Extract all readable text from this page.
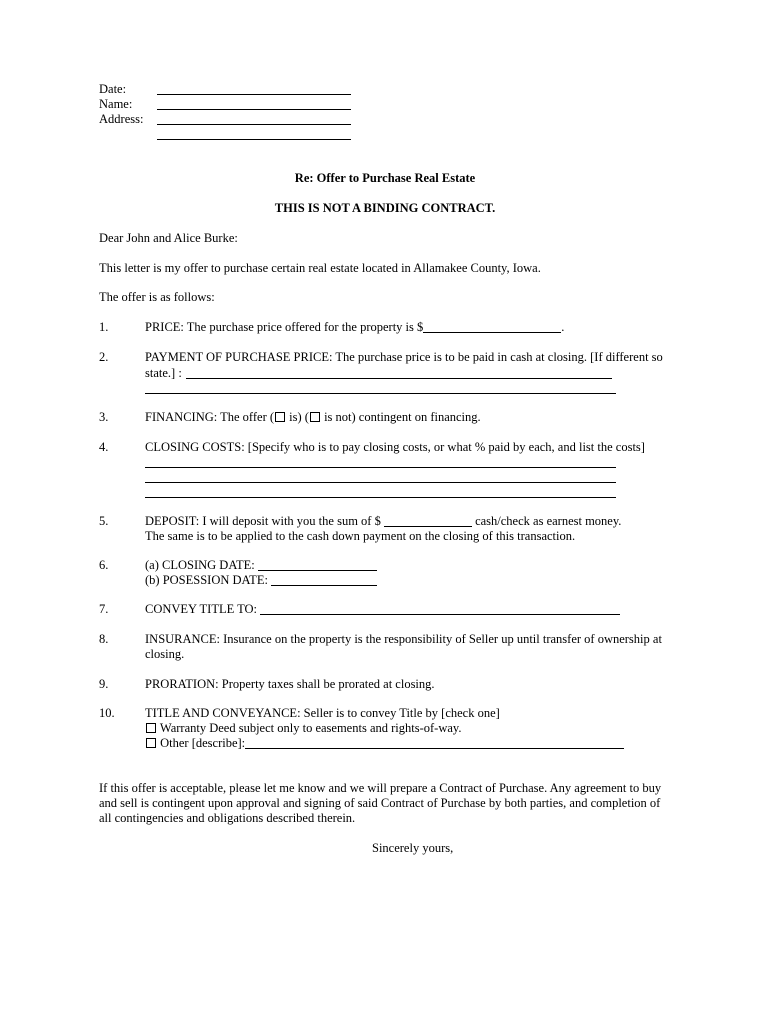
Date:
Name:
Address:
Re: Offer to Purchase Real Estate
THIS IS NOT A BINDING CONTRACT.
Dear John and Alice Burke:
This letter is my offer to purchase certain real estate located in Allamakee County, Iowa.
The offer is as follows:
1.	PRICE: The purchase price offered for the property is $	.
2.	PAYMENT OF PURCHASE PRICE: The purchase price is to be paid in cash at closing. [If different so
state.] :
3.	FINANCING: The offer ( is) ( is not) contingent on financing.
4.	CLOSING COSTS: [Specify who is to pay closing costs, or what % paid by each, and list the costs]
5.	DEPOSIT: I will deposit with you the sum of $	cash/check as earnest money.
The same is to be applied to the cash down payment on the closing of this transaction.
6.	(a) CLOSING DATE:
(b) POSESSION DATE:
7.	CONVEY TITLE TO:
8.	INSURANCE: Insurance on the property is the responsibility of Seller up until transfer of ownership at
closing.
9.	PRORATION: Property taxes shall be prorated at closing.
10. TITLE AND CONVEYANCE: Seller is to convey Title by [check one]
Warranty Deed subject only to easements and rights-of-way.
Other [describe]:
If this offer is acceptable, please let me know and we will prepare a Contract of Purchase. Any agreement to buy
and sell is contingent upon approval and signing of said Contract of Purchase by both parties, and completion of
all contingencies and obligations described therein.
Sincerely yours,
